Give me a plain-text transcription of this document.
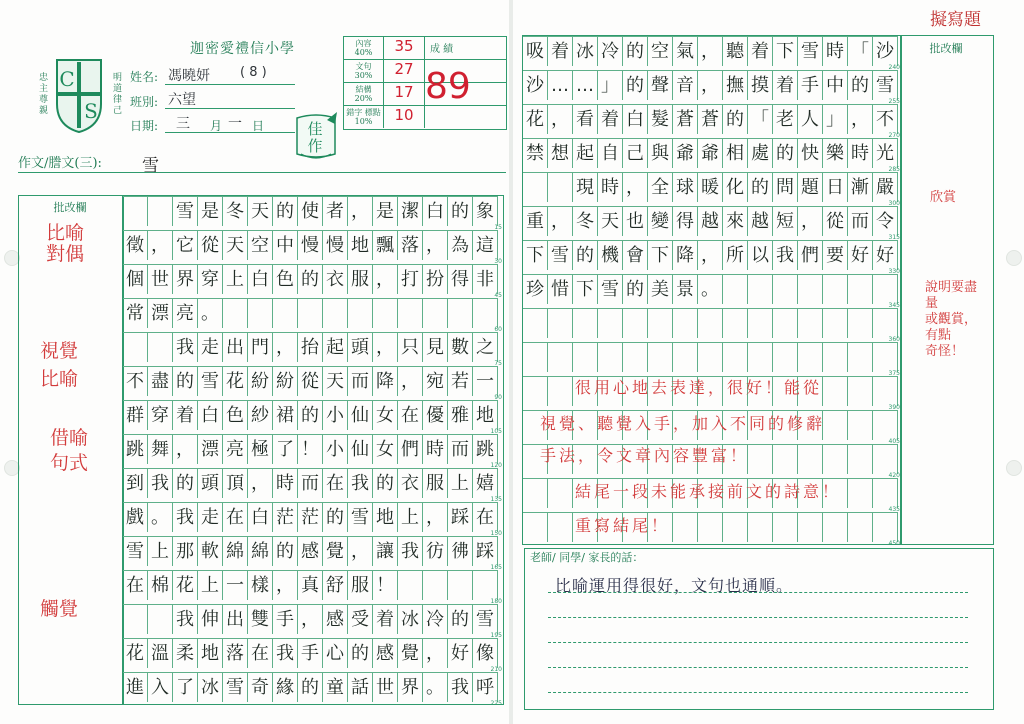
迦密愛禮信小學
C
S
忠主尊親	明道律己 姓名: 馮曉妍 ( 8 )
班別: 六望
日期: 三 月 一 日
內容
40%	35
文句
30%	27
結構
20%	17
錯字 標點
10%	10
成 績
89
佳
作
作文/謄文(三): 雪
批改欄
比喻
對偶
視覺
比喻
借喻
句式
觸覺
雪 是 冬 天 的 使 者 ， 是 潔 白 的 象
15
徵 ， 它 從 天 空 中 慢 慢 地 飄 落 ， 為 這
30
個 世 界 穿 上 白 色 的 衣 服 ， 打 扮 得 非
45
常 漂 亮 。
60
我 走 出 門 ， 抬 起 頭 ， 只 見 數 之
75
不 盡 的 雪 花 紛 紛 從 天 而 降 ， 宛 若 一
90
群 穿 着 白 色 紗 裙 的 小 仙 女 在 優 雅 地
105
跳 舞 ， 漂 亮 極 了 ！ 小 仙 女 們 時 而 跳
120
到 我 的 頭 頂 ， 時 而 在 我 的 衣 服 上 嬉
135
戲 。 我 走 在 白 茫 茫 的 雪 地 上 ， 踩 在
150
雪 上 那 軟 綿 綿 的 感 覺 ， 讓 我 彷 彿 踩
165
在 棉 花 上 一 樣 ， 真 舒 服 ！
180
我 伸 出 雙 手 ， 感 受 着 冰 冷 的 雪
195
花 溫 柔 地 落 在 我 手 心 的 感 覺 ， 好 像
210
進 入 了 冰 雪 奇 緣 的 童 話 世 界 。 我 呼
225
擬寫題
吸 着 冰 冷 的 空 氣 ， 聽 着 下 雪 時 「 沙
240
沙 … … 」 的 聲 音 ， 撫 摸 着 手 中 的 雪
255
花 ， 看 着 白 髮 蒼 蒼 的 「 老 人 」 ， 不
270
禁 想 起 自 己 與 爺 爺 相 處 的 快 樂 時 光
285
現 時 ， 全 球 暖 化 的 問 題 日 漸 嚴
300
重 ， 冬 天 也 變 得 越 來 越 短 ， 從 而 令
315
下 雪 的 機 會 下 降 ， 所 以 我 們 要 好 好
330
珍 惜 下 雪 的 美 景 。
345
360
375
390
405
420
435
450
批改欄
欣賞
說明要盡量
或觀賞，有點
奇怪！
很用心地去表達，很好！能從
視覺、聽覺入手，加入不同的修辭
手法，令文章內容豐富！
結尾一段未能承接前文的詩意！
重寫結尾！
老師/ 同學/ 家長的話：
比喻運用得很好，文句也通順。
